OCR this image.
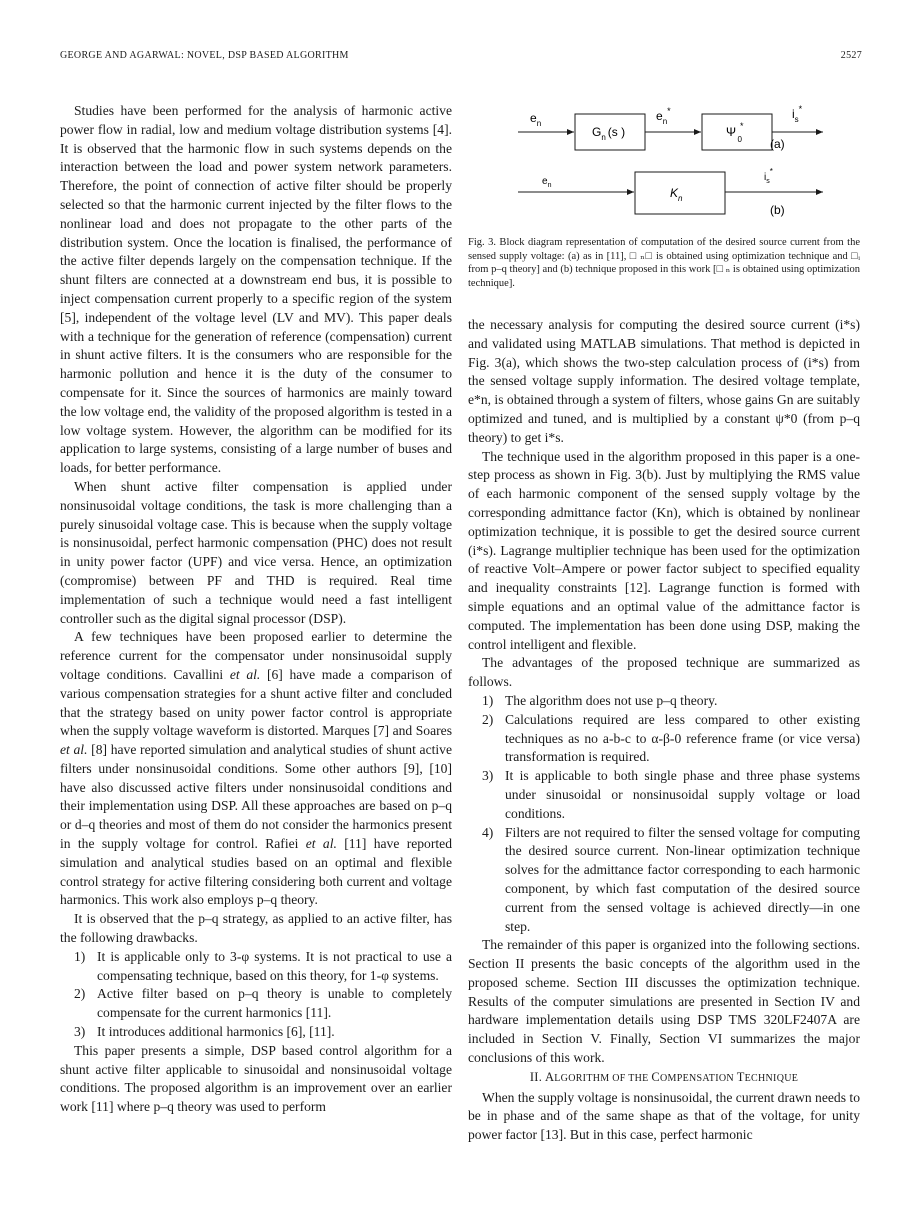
GEORGE AND AGARWAL: NOVEL, DSP BASED ALGORITHM	2527

Studies have been performed for the analysis of harmonic active power flow in radial, low and medium voltage distribution systems [4]. It is observed that the harmonic flow in such systems depends on the interaction between the load and power system network parameters. Therefore, the point of connection of active filter should be properly selected so that the harmonic current injected by the filter flows to the nonlinear load and does not propagate to the other parts of the distribution system. Once the location is finalised, the performance of the active filter depends largely on the compensation technique. If the shunt filters are connected at a downstream end bus, it is possible to inject compensation current properly to a specific region of the system [5], independent of the voltage level (LV and MV). This paper deals with a technique for the generation of reference (compensation) current in shunt active filters. It is the consumers who are responsible for the harmonic pollution and hence it is the duty of the consumer to compensate for it. Since the sources of harmonics are mainly toward the low voltage end, the validity of the proposed algorithm is tested in a low voltage system. However, the algorithm can be modified for its application to large systems, consisting of a large number of buses and loads, for better performance.

When shunt active filter compensation is applied under nonsinusoidal voltage conditions, the task is more challenging than a purely sinusoidal voltage case. This is because when the supply voltage is nonsinusoidal, perfect harmonic compensation (PHC) does not result in unity power factor (UPF) and vice versa. Hence, an optimization (compromise) between PF and THD is required. Real time implementation of such a technique would need a fast intelligent controller such as the digital signal processor (DSP).

A few techniques have been proposed earlier to determine the reference current for the compensator under nonsinusoidal supply voltage conditions. Cavallini et al. [6] have made a comparison of various compensation strategies for a shunt active filter and concluded that the strategy based on unity power factor control is appropriate when the supply voltage waveform is distorted. Marques [7] and Soares et al. [8] have reported simulation and analytical studies of shunt active filters under nonsinusoidal conditions. Some other authors [9], [10] have also discussed active filters under nonsinusoidal conditions and their implementation using DSP. All these approaches are based on p–q or d–q theories and most of them do not consider the harmonics present in the supply voltage for control. Rafiei et al. [11] have reported simulation and analytical studies based on an optimal and flexible control strategy for active filtering considering both current and voltage harmonics. This work also employs p–q theory.

It is observed that the p–q strategy, as applied to an active filter, has the following drawbacks.

1) It is applicable only to 3-φ systems. It is not practical to use a compensating technique, based on this theory, for 1-φ systems.
2) Active filter based on p–q theory is unable to completely compensate for the current harmonics [11].
3) It introduces additional harmonics [6], [11].

This paper presents a simple, DSP based control algorithm for a shunt active filter applicable to sinusoidal and nonsinusoidal voltage conditions. The proposed algorithm is an improvement over an earlier work [11] where p–q theory was used to perform

$e_n$
$e_n^*$
$G_n$ (s )	Ψ * 0
$i_s^*$
(a)
$e_n$
$K_n$
$i_s^*$
(b)
Fig. 3. Block diagram representation of computation of the desired source current from the sensed supply voltage: (a) as in [11], □ ₙ□ is obtained using optimization technique and □ᵢ from p–q theory] and (b) technique proposed in this work [□ ₙ is obtained using optimization technique].

the necessary analysis for computing the desired source current (i*s) and validated using MATLAB simulations. That method is depicted in Fig. 3(a), which shows the two-step calculation process of (i*s) from the sensed voltage supply information. The desired voltage template, e*n, is obtained through a system of filters, whose gains Gn are suitably optimized and tuned, and is multiplied by a constant ψ*0 (from p–q theory) to get i*s.

The technique used in the algorithm proposed in this paper is a one-step process as shown in Fig. 3(b). Just by multiplying the RMS value of each harmonic component of the sensed supply voltage by the corresponding admittance factor (Kn), which is obtained by nonlinear optimization technique, it is possible to get the desired source current (i*s). Lagrange multiplier technique has been used for the optimization of reactive Volt–Ampere or power factor subject to specified equality and inequality constraints [12]. Lagrange function is formed with simple equations and an optimal value of the admittance factor is computed. The implementation has been done using DSP, making the control intelligent and flexible.

The advantages of the proposed technique are summarized as follows.

1) The algorithm does not use p–q theory.
2) Calculations required are less compared to other existing techniques as no a-b-c to α-β-0 reference frame (or vice versa) transformation is required.
3) It is applicable to both single phase and three phase systems under sinusoidal or nonsinusoidal supply voltage or load conditions.
4) Filters are not required to filter the sensed voltage for computing the desired source current. Non-linear optimization technique solves for the admittance factor corresponding to each harmonic component, by which fast computation of the desired source current from the sensed voltage is achieved directly—in one step.

The remainder of this paper is organized into the following sections. Section II presents the basic concepts of the algorithm used in the proposed scheme. Section III discusses the optimization technique. Results of the computer simulations are presented in Section IV and hardware implementation details using DSP TMS 320LF2407A are included in Section V. Finally, Section VI summarizes the major conclusions of this work.

II. ALGORITHM OF THE COMPENSATION TECHNIQUE

When the supply voltage is nonsinusoidal, the current drawn needs to be in phase and of the same shape as that of the voltage, for unity power factor [13]. But in this case, perfect harmonic
